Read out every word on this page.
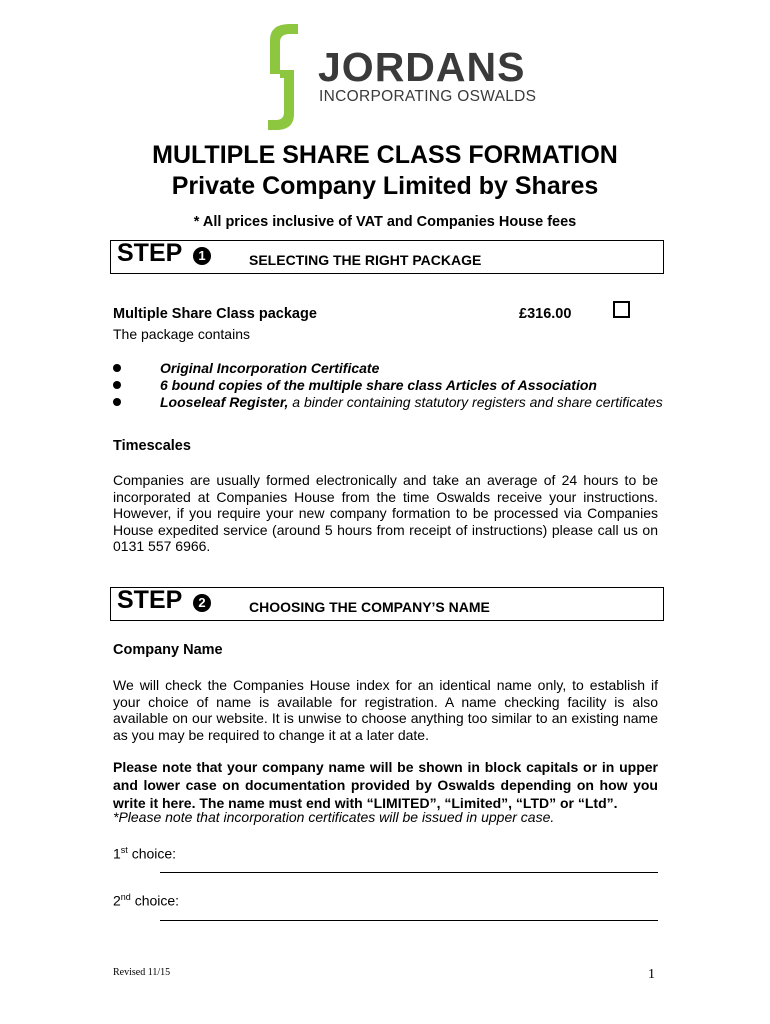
JORDANS
INCORPORATING OSWALDS
MULTIPLE SHARE CLASS FORMATION
Private Company Limited by Shares
* All prices inclusive of VAT and Companies House fees
STEP	1	SELECTING THE RIGHT PACKAGE
Multiple Share Class package	£316.00
The package contains
Original Incorporation Certificate
6 bound copies of the multiple share class Articles of Association
Looseleaf Register, a binder containing statutory registers and share certificates
Timescales
Companies are usually formed electronically and take an average of 24 hours to be incorporated at Companies House from the time Oswalds receive your instructions. However, if you require your new company formation to be processed via Companies House expedited service (around 5 hours from receipt of instructions) please call us on 0131 557 6966.
STEP	2	CHOOSING THE COMPANY’S NAME
Company Name
We will check the Companies House index for an identical name only, to establish if your choice of name is available for registration. A name checking facility is also available on our website. It is unwise to choose anything too similar to an existing name as you may be required to change it at a later date.
Please note that your company name will be shown in block capitals or in upper and lower case on documentation provided by Oswalds depending on how you write it here. The name must end with “LIMITED”, “Limited”, “LTD” or “Ltd”.
*Please note that incorporation certificates will be issued in upper case.
1st choice:
2nd choice:
Revised 11/15	1
